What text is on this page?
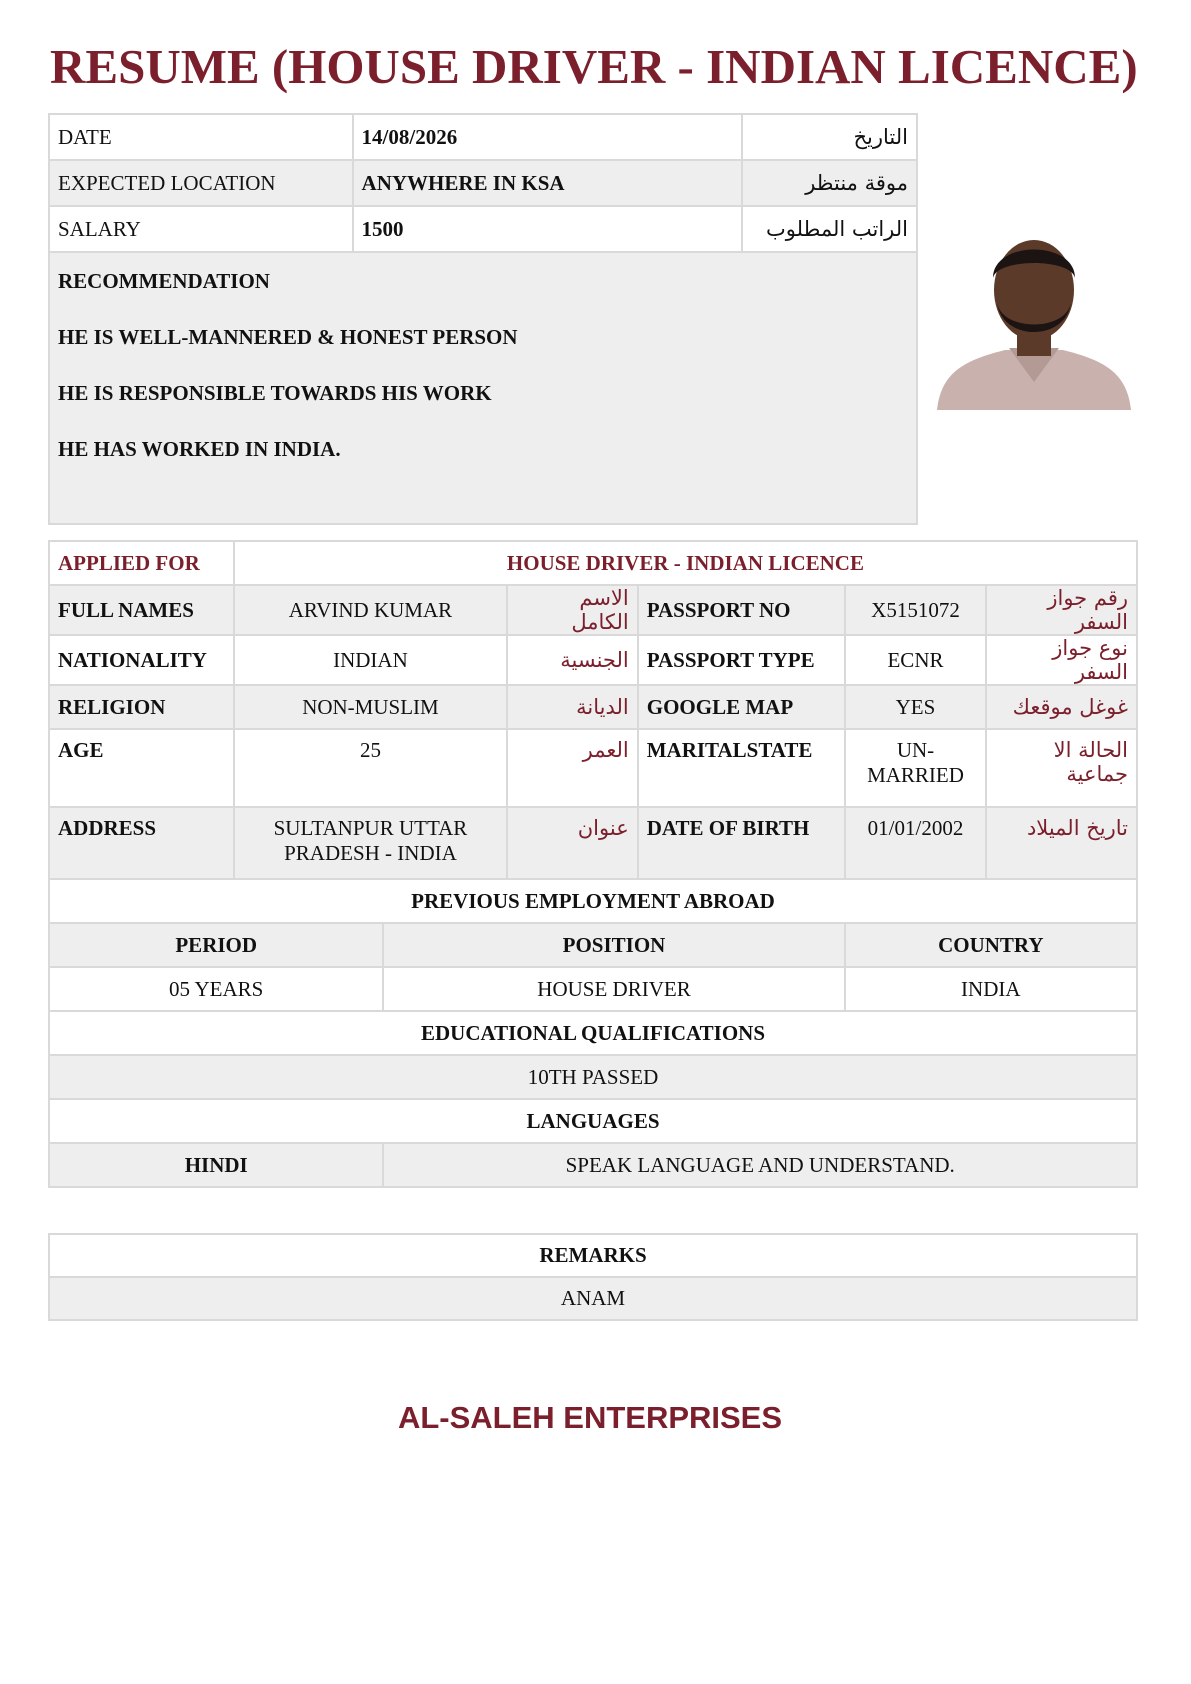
RESUME (HOUSE DRIVER - INDIAN LICENCE)
DATE	14/08/2026	التاريخ
EXPECTED LOCATION	ANYWHERE IN KSA	موقة منتظر
SALARY	1500	الراتب المطلوب

RECOMMENDATION

HE IS WELL-MANNERED & HONEST PERSON

HE IS RESPONSIBLE TOWARDS HIS WORK

HE HAS WORKED IN INDIA.		

APPLIED FOR	HOUSE DRIVER - INDIAN LICENCE					
FULL NAMES	ARVIND KUMAR		الاسم الكامل	PASSPORT NO	X5151072	رقم جواز السفر
NATIONALITY	INDIAN		الجنسية	PASSPORT TYPE	ECNR	نوع جواز السفر
RELIGION	NON-MUSLIM		الديانة	GOOGLE MAP	YES	غوغل موقعك
AGE	25		العمر	MARITALSTATE	UN-MARRIED	الحالة الا جماعية
ADDRESS	SULTANPUR UTTAR PRADESH - INDIA		عنوان	DATE OF BIRTH	01/01/2002	تاريخ الميلاد
PREVIOUS EMPLOYMENT ABROAD						
PERIOD		POSITION			COUNTRY	
05 YEARS		HOUSE DRIVER			INDIA	
EDUCATIONAL QUALIFICATIONS						
10TH PASSED						
LANGUAGES						
HINDI		SPEAK LANGUAGE AND UNDERSTAND.				
REMARKS
ANAM
AL-SALEH ENTERPRISES
